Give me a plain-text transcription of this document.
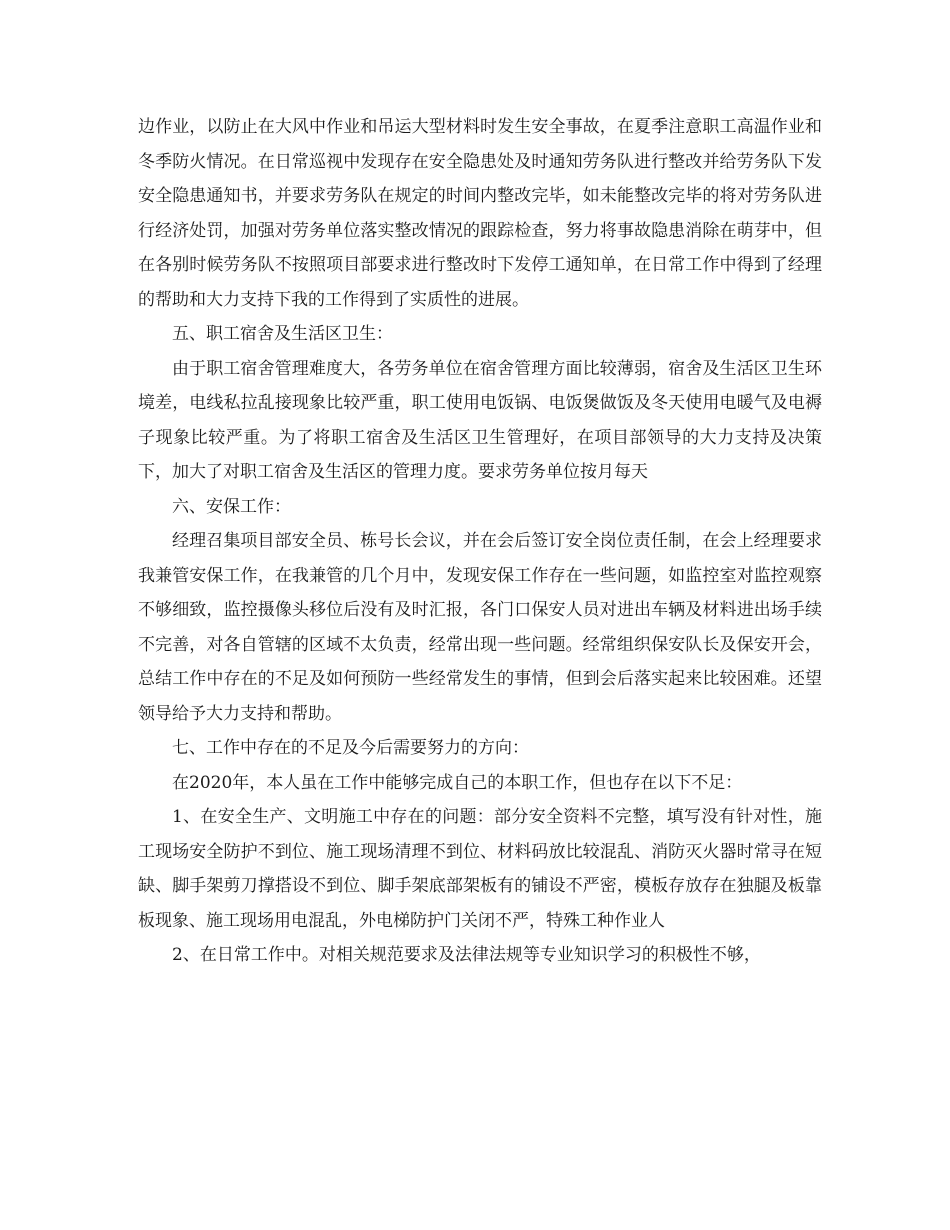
边作业，以防止在大风中作业和吊运大型材料时发生安全事故，在夏季注意职工高温作业和冬季防火情况。在日常巡视中发现存在安全隐患处及时通知劳务队进行整改并给劳务队下发安全隐患通知书，并要求劳务队在规定的时间内整改完毕，如未能整改完毕的将对劳务队进行经济处罚，加强对劳务单位落实整改情况的跟踪检查，努力将事故隐患消除在萌芽中，但在各别时候劳务队不按照项目部要求进行整改时下发停工通知单，在日常工作中得到了经理的帮助和大力支持下我的工作得到了实质性的进展。

五、职工宿舍及生活区卫生：

由于职工宿舍管理难度大，各劳务单位在宿舍管理方面比较薄弱，宿舍及生活区卫生环境差，电线私拉乱接现象比较严重，职工使用电饭锅、电饭煲做饭及冬天使用电暖气及电褥子现象比较严重。为了将职工宿舍及生活区卫生管理好，在项目部领导的大力支持及决策下，加大了对职工宿舍及生活区的管理力度。要求劳务单位按月每天

六、安保工作：

经理召集项目部安全员、栋号长会议，并在会后签订安全岗位责任制，在会上经理要求我兼管安保工作，在我兼管的几个月中，发现安保工作存在一些问题，如监控室对监控观察不够细致，监控摄像头移位后没有及时汇报，各门口保安人员对进出车辆及材料进出场手续不完善，对各自管辖的区域不太负责，经常出现一些问题。经常组织保安队长及保安开会，总结工作中存在的不足及如何预防一些经常发生的事情，但到会后落实起来比较困难。还望领导给予大力支持和帮助。

七、工作中存在的不足及今后需要努力的方向：

在2020年，本人虽在工作中能够完成自己的本职工作，但也存在以下不足：

1、在安全生产、文明施工中存在的问题：部分安全资料不完整，填写没有针对性，施工现场安全防护不到位、施工现场清理不到位、材料码放比较混乱、消防灭火器时常寻在短缺、脚手架剪刀撑搭设不到位、脚手架底部架板有的铺设不严密，模板存放存在独腿及板靠板现象、施工现场用电混乱，外电梯防护门关闭不严，特殊工种作业人

2、在日常工作中。对相关规范要求及法律法规等专业知识学习的积极性不够，
